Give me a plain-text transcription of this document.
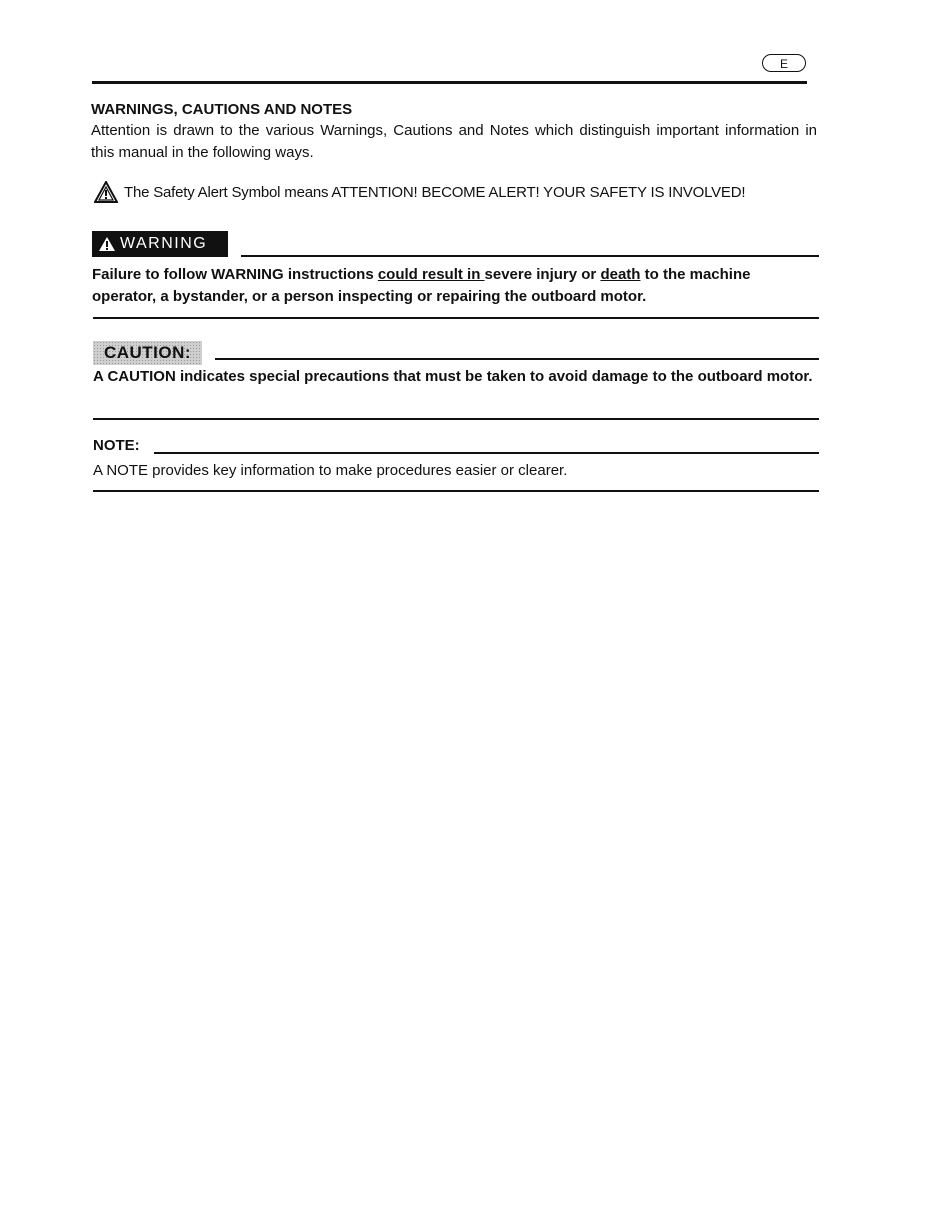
E
WARNINGS, CAUTIONS AND NOTES
Attention is drawn to the various Warnings, Cautions and Notes which distinguish important information in this manual in the following ways.
The Safety Alert Symbol means ATTENTION! BECOME ALERT! YOUR SAFETY IS INVOLVED!
WARNING
Failure to follow WARNING instructions could result in severe injury or death to the machine
operator, a bystander, or a person inspecting or repairing the outboard motor.
CAUTION:
A CAUTION indicates special precautions that must be taken to avoid damage to the outboard motor.
NOTE:
A NOTE provides key information to make procedures easier or clearer.
